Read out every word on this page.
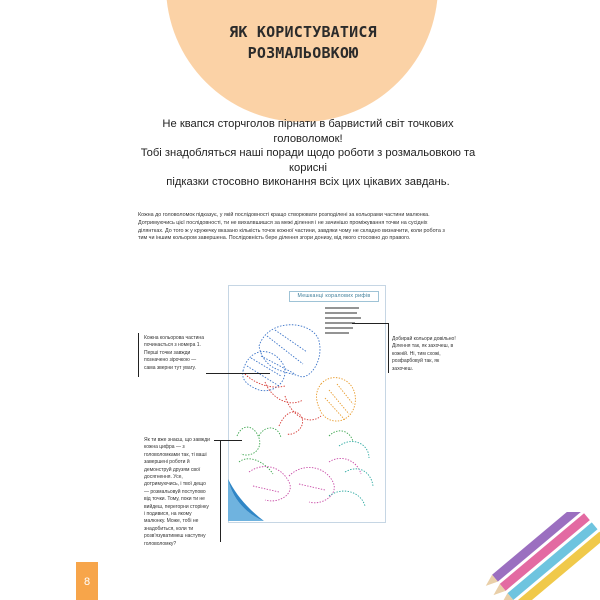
ЯК КОРИСТУВАТИСЯ
РОЗМАЛЬОВКОЮ
Не квапся сторчголов пірнати в барвистий світ точкових головоломок!
Тобі знадобляться наші поради щодо роботи з розмальовкою та корисні
підказки стосовно виконання всіх цих цікавих завдань.
Кожна до головоломок підказує, у якій послідовності кращо створювати розподілені за кольорами частини малюнка. Дотримуючись цієї послідовності, ти не вихалвшишся за межі ділення і не зачинішо проміжування точки на сусідніх ділянтках. До того ж у кружечку вказано кількість точок кожної частини, завдяки чому не складно визначити, коли робота з тим чи іншим кольором завершена. Послідовність бере ділення згори донизу, від якого стосовно до правого.
Мешканці коралових рифів
Кожна кольорова частина починається з номера 1. Перші точки завжди позначено зірочкою — сама зверни тут увагу.
Як ти вже знаєш, що завжди кожна цифра — з головоломками так, ті ваші завершені роботи й демонструй друзям свої досягнення. Усе, дотримуючись, і твої дещо — розмальовуй поступово від точки. Тому, поки ти не вийдеш, перегорни сторінку і подивися, на якому малюнку. Може, тобі не знадобиться, коли ти розв'язуватимеш наступну головоломку?
Добирай кольори довільно! Ділення так, як захочеш, в кожній. Ні, тим схожі, розфарбовуй так, як захочеш.
8
